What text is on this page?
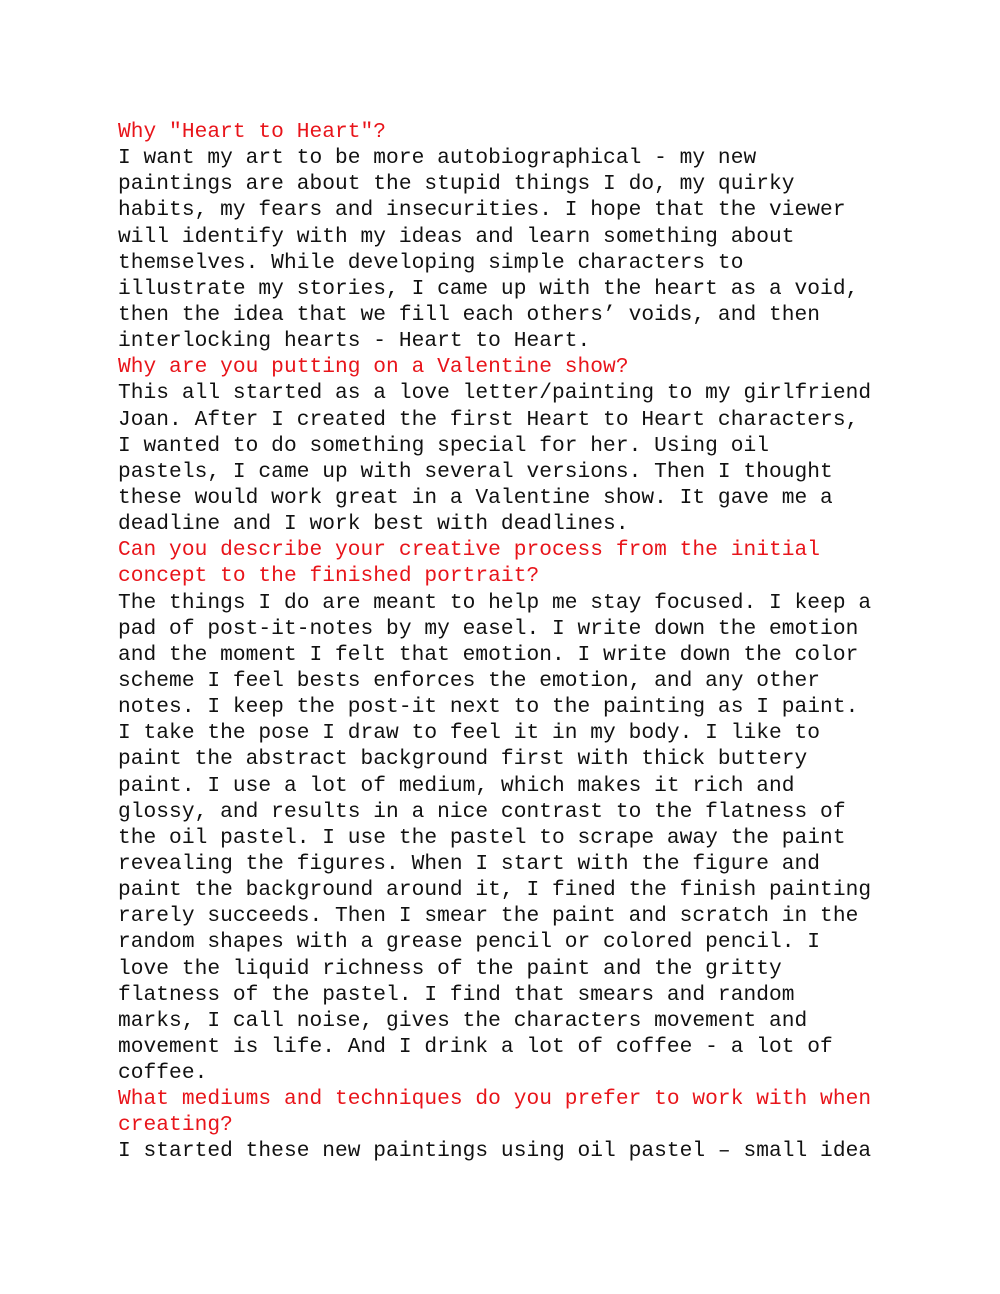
Why "Heart to Heart"?
I want my art to be more autobiographical - my new
paintings are about the stupid things I do, my quirky
habits, my fears and insecurities. I hope that the viewer
will identify with my ideas and learn something about
themselves. While developing simple characters to
illustrate my stories, I came up with the heart as a void,
then the idea that we fill each others’ voids, and then
interlocking hearts - Heart to Heart.
Why are you putting on a Valentine show?
This all started as a love letter/painting to my girlfriend
Joan. After I created the first Heart to Heart characters,
I wanted to do something special for her. Using oil
pastels, I came up with several versions. Then I thought
these would work great in a Valentine show. It gave me a
deadline and I work best with deadlines.
Can you describe your creative process from the initial
concept to the finished portrait?
The things I do are meant to help me stay focused. I keep a
pad of post-it-notes by my easel. I write down the emotion
and the moment I felt that emotion. I write down the color
scheme I feel bests enforces the emotion, and any other
notes. I keep the post-it next to the painting as I paint.
I take the pose I draw to feel it in my body. I like to
paint the abstract background first with thick buttery
paint. I use a lot of medium, which makes it rich and
glossy, and results in a nice contrast to the flatness of
the oil pastel. I use the pastel to scrape away the paint
revealing the figures. When I start with the figure and
paint the background around it, I fined the finish painting
rarely succeeds. Then I smear the paint and scratch in the
random shapes with a grease pencil or colored pencil. I
love the liquid richness of the paint and the gritty
flatness of the pastel. I find that smears and random
marks, I call noise, gives the characters movement and
movement is life. And I drink a lot of coffee - a lot of
coffee.
What mediums and techniques do you prefer to work with when
creating?
I started these new paintings using oil pastel – small idea
